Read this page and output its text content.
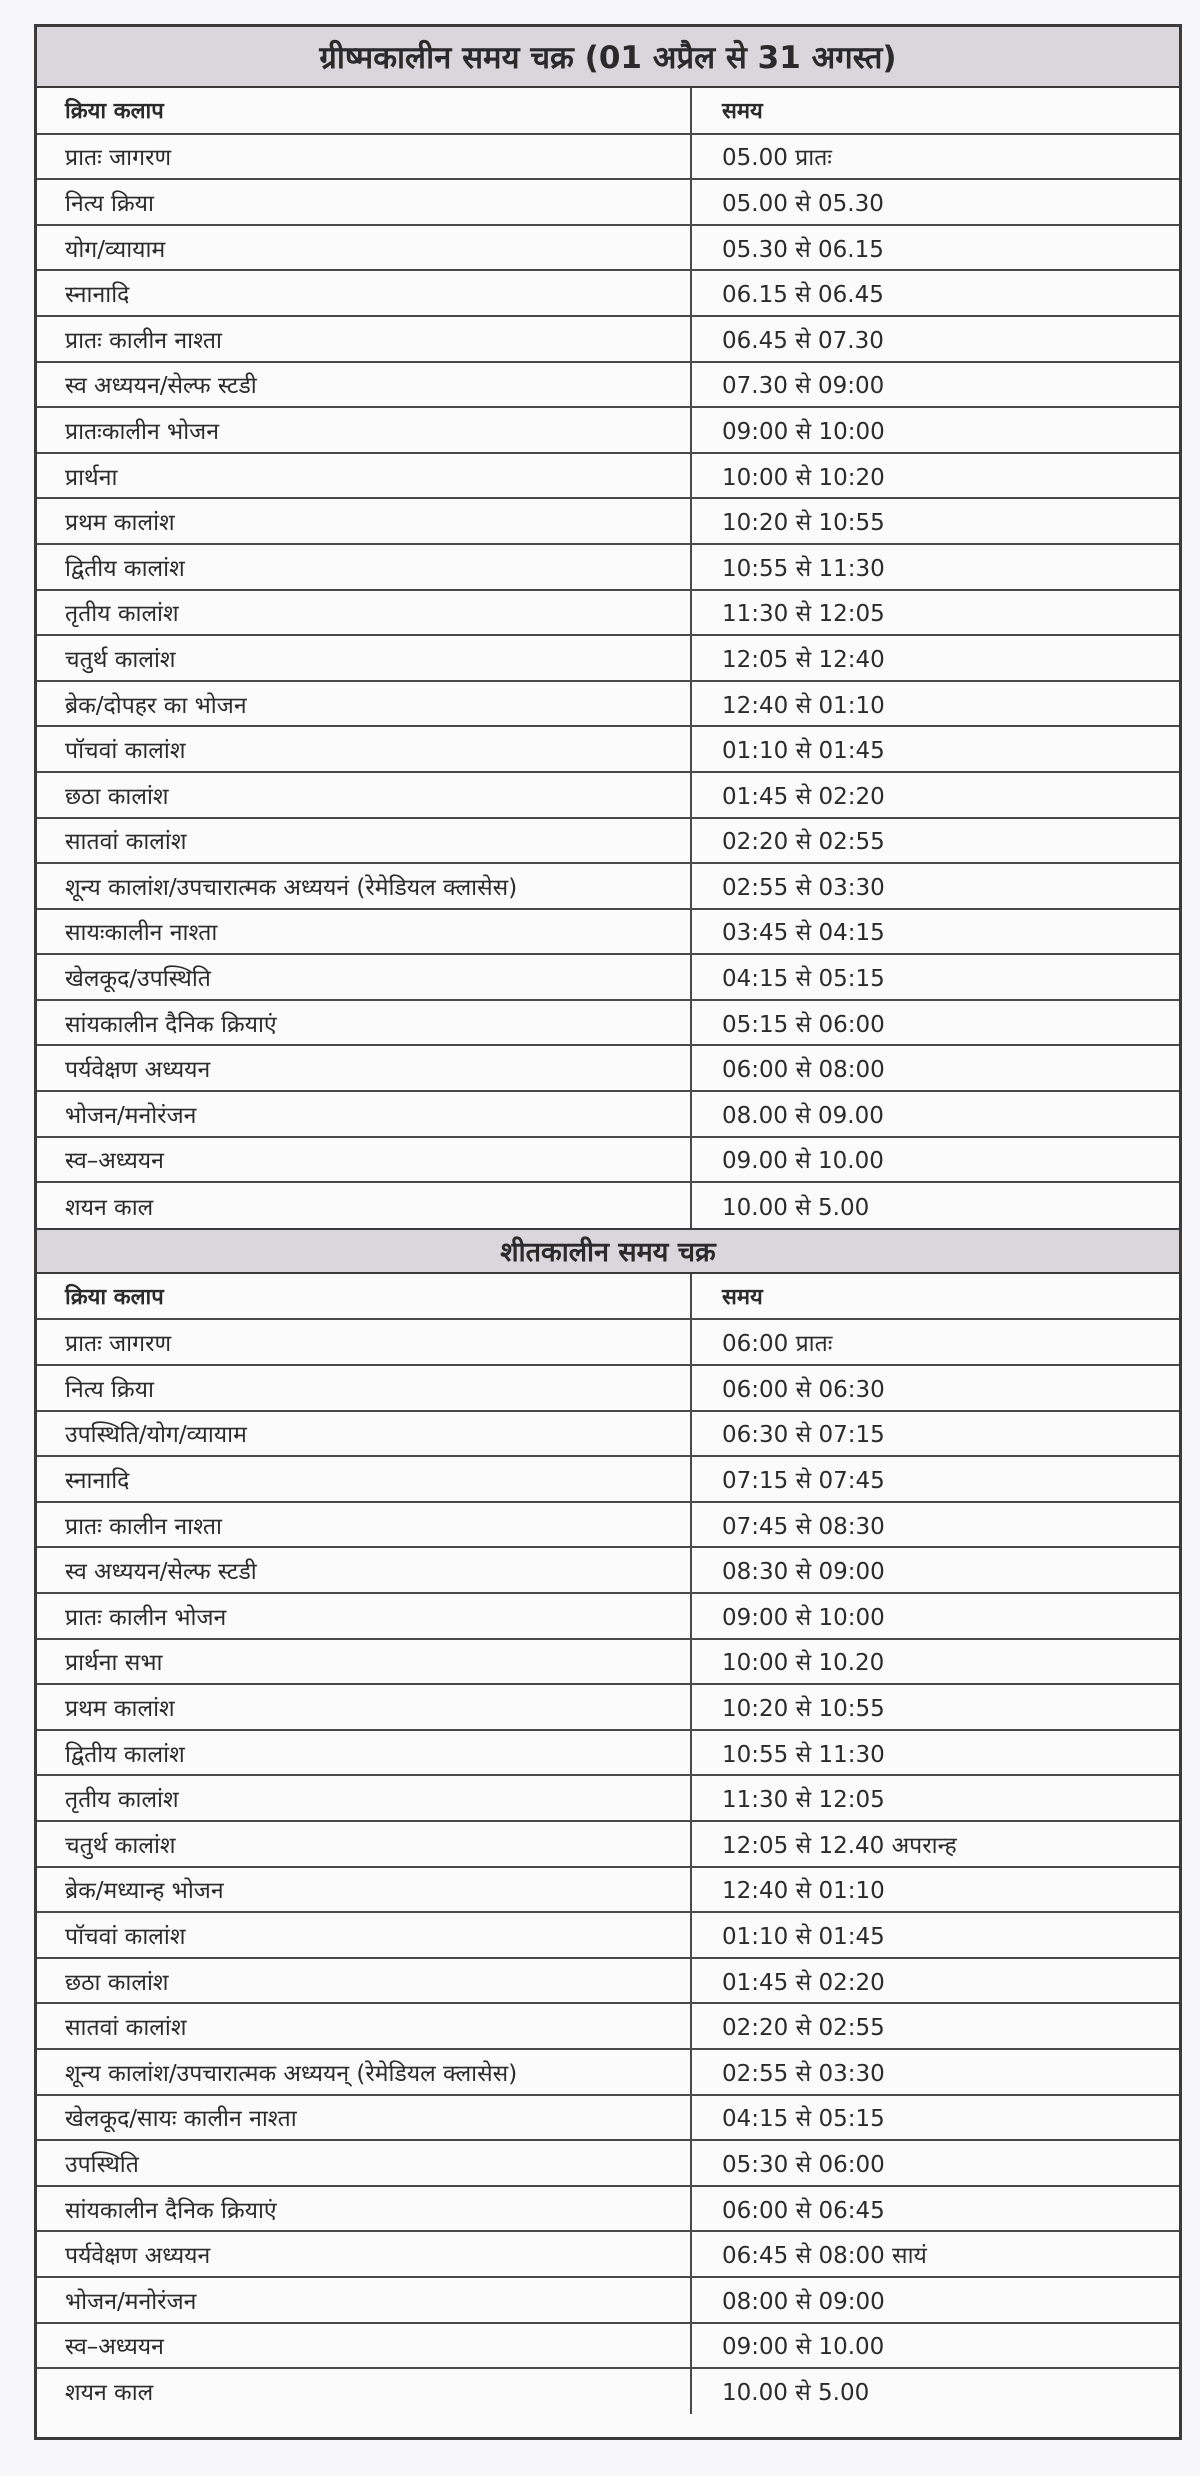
ग्रीष्मकालीन समय चक्र (01 अप्रैल से 31 अगस्त)
क्रिया कलाप	समय
प्रातः जागरण	05.00 प्रातः
नित्य क्रिया	05.00 से 05.30
योग/व्यायाम	05.30 से 06.15
स्नानादि	06.15 से 06.45
प्रातः कालीन नाश्ता	06.45 से 07.30
स्व अध्ययन/सेल्फ स्टडी	07.30 से 09:00
प्रातःकालीन भोजन	09:00 से 10:00
प्रार्थना	10:00 से 10:20
प्रथम कालांश	10:20 से 10:55
द्वितीय कालांश	10:55 से 11:30
तृतीय कालांश	11:30 से 12:05
चतुर्थ कालांश	12:05 से 12:40
ब्रेक/दोपहर का भोजन	12:40 से 01:10
पॉचवां कालांश	01:10 से 01:45
छठा कालांश	01:45 से 02:20
सातवां कालांश	02:20 से 02:55
शून्य कालांश/उपचारात्मक अध्ययनं (रेमेडियल क्लासेस)	02:55 से 03:30
सायःकालीन नाश्ता	03:45 से 04:15
खेलकूद/उपस्थिति	04:15 से 05:15
सांयकालीन दैनिक क्रियाएं	05:15 से 06:00
पर्यवेक्षण अध्ययन	06:00 से 08:00
भोजन/मनोरंजन	08.00 से 09.00
स्व–अध्ययन	09.00 से 10.00
शयन काल	10.00 से 5.00
शीतकालीन समय चक्र
क्रिया कलाप	समय
प्रातः जागरण	06:00 प्रातः
नित्य क्रिया	06:00 से 06:30
उपस्थिति/योग/व्यायाम	06:30 से 07:15
स्नानादि	07:15 से 07:45
प्रातः कालीन नाश्ता	07:45 से 08:30
स्व अध्ययन/सेल्फ स्टडी	08:30 से 09:00
प्रातः कालीन भोजन	09:00 से 10:00
प्रार्थना सभा	10:00 से 10.20
प्रथम कालांश	10:20 से 10:55
द्वितीय कालांश	10:55 से 11:30
तृतीय कालांश	11:30 से 12:05
चतुर्थ कालांश	12:05 से 12.40 अपरान्ह
ब्रेक/मध्यान्ह भोजन	12:40 से 01:10
पॉचवां कालांश	01:10 से 01:45
छठा कालांश	01:45 से 02:20
सातवां कालांश	02:20 से 02:55
शून्य कालांश/उपचारात्मक अध्ययन् (रेमेडियल क्लासेस)	02:55 से 03:30
खेलकूद/सायः कालीन नाश्ता	04:15 से 05:15
उपस्थिति	05:30 से 06:00
सांयकालीन दैनिक क्रियाएं	06:00 से 06:45
पर्यवेक्षण अध्ययन	06:45 से 08:00 सायं
भोजन/मनोरंजन	08:00 से 09:00
स्व–अध्ययन	09:00 से 10.00
शयन काल	10.00 से 5.00
